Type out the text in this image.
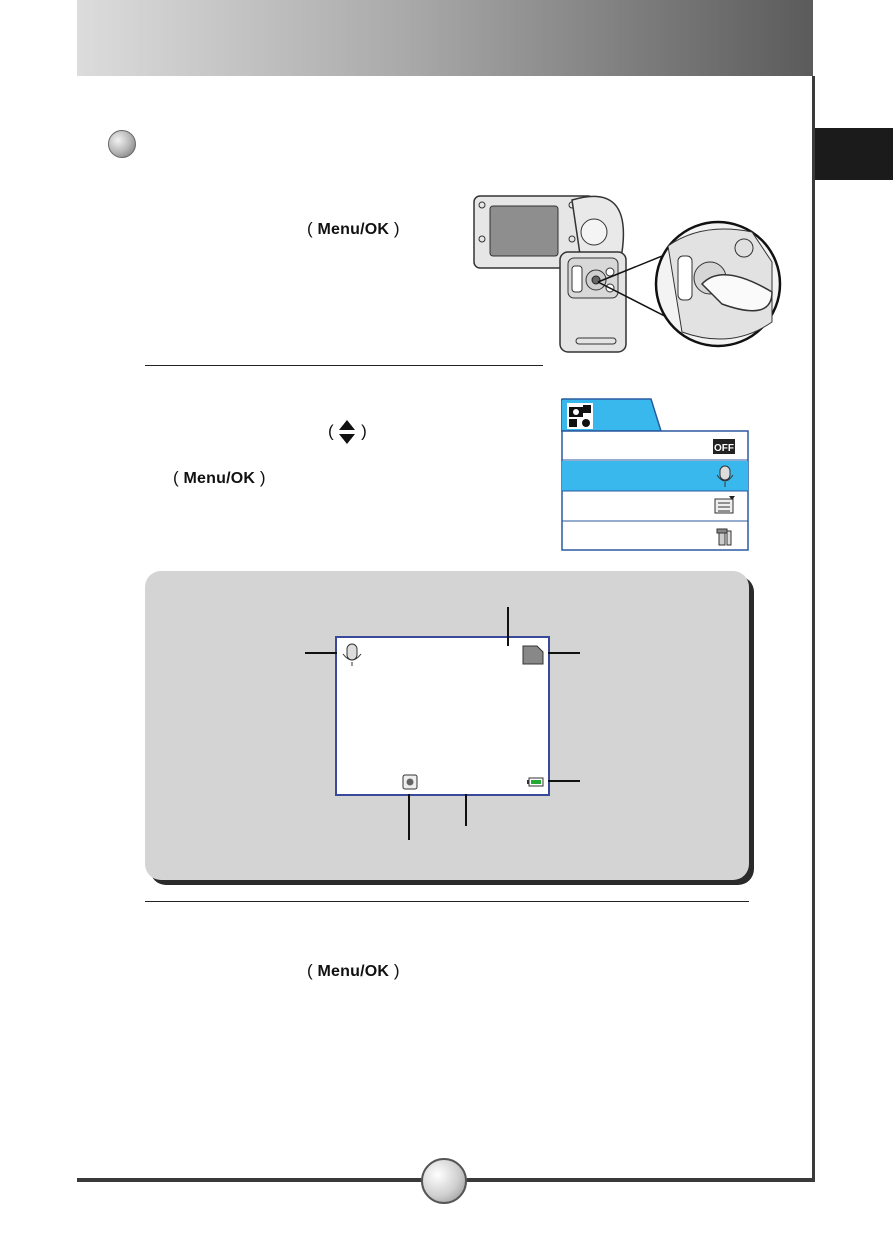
( Menu/OK )
( )
( Menu/OK )
OFF
( Menu/OK )
